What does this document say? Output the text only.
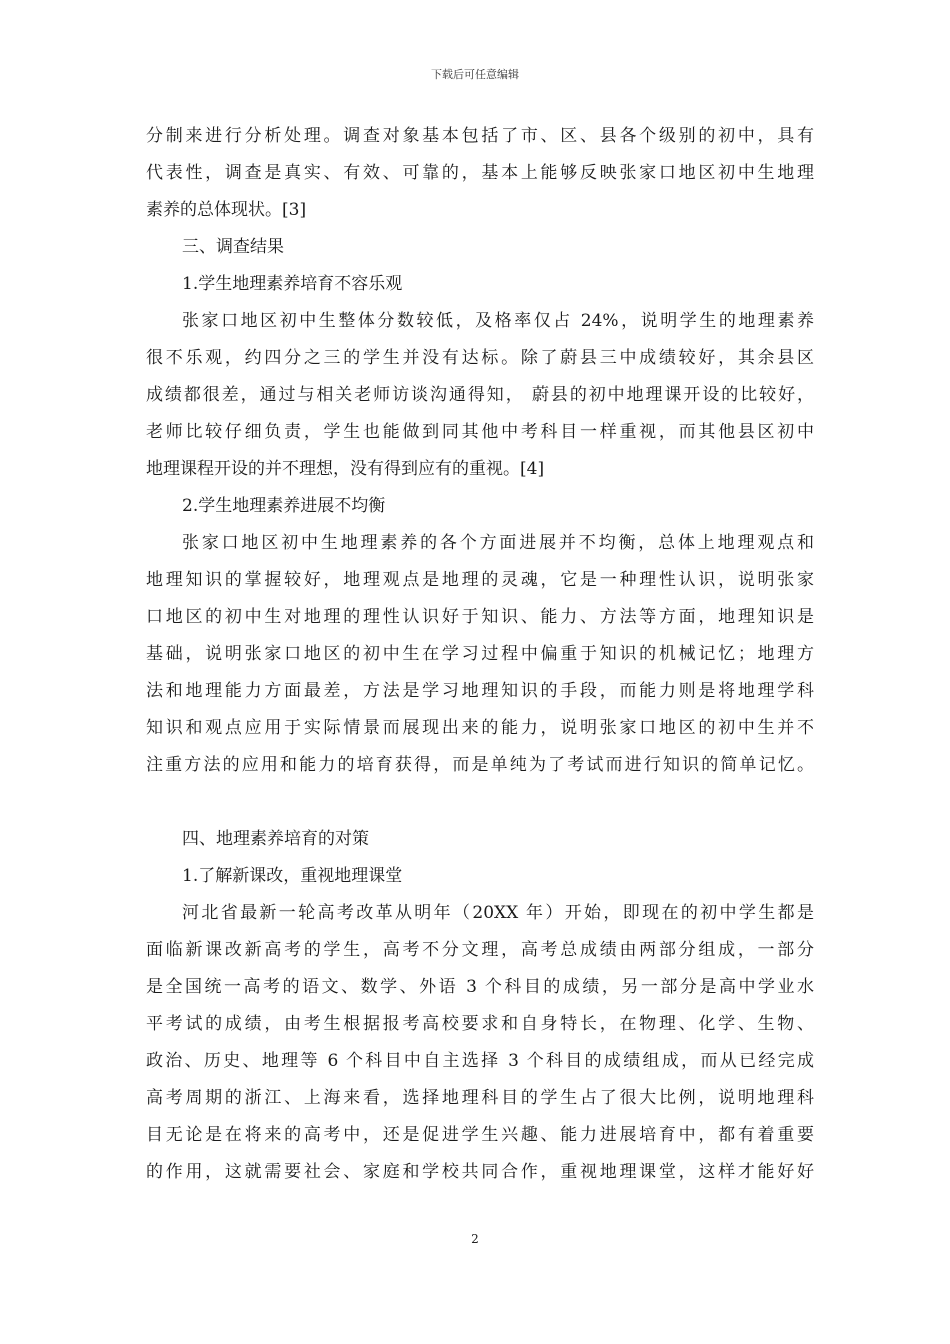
下载后可任意编辑
分制来进行分析处理。调查对象基本包括了市、区、县各个级别的初中，具有
代表性，调查是真实、有效、可靠的，基本上能够反映张家口地区初中生地理
素养的总体现状。[3]
三、调查结果
1.学生地理素养培育不容乐观
张家口地区初中生整体分数较低，及格率仅占 24%，说明学生的地理素养
很不乐观，约四分之三的学生并没有达标。除了蔚县三中成绩较好，其余县区
成绩都很差，通过与相关老师访谈沟通得知， 蔚县的初中地理课开设的比较好，
老师比较仔细负责，学生也能做到同其他中考科目一样重视，而其他县区初中
地理课程开设的并不理想，没有得到应有的重视。[4]
2.学生地理素养进展不均衡
张家口地区初中生地理素养的各个方面进展并不均衡，总体上地理观点和
地理知识的掌握较好，地理观点是地理的灵魂，它是一种理性认识，说明张家
口地区的初中生对地理的理性认识好于知识、能力、方法等方面，地理知识是
基础，说明张家口地区的初中生在学习过程中偏重于知识的机械记忆；地理方
法和地理能力方面最差，方法是学习地理知识的手段，而能力则是将地理学科
知识和观点应用于实际情景而展现出来的能力，说明张家口地区的初中生并不
注重方法的应用和能力的培育获得，而是单纯为了考试而进行知识的简单记忆。
四、地理素养培育的对策
1.了解新课改，重视地理课堂
河北省最新一轮高考改革从明年（20XX 年）开始，即现在的初中学生都是
面临新课改新高考的学生，高考不分文理，高考总成绩由两部分组成，一部分
是全国统一高考的语文、数学、外语 3 个科目的成绩，另一部分是高中学业水
平考试的成绩，由考生根据报考高校要求和自身特长，在物理、化学、生物、
政治、历史、地理等 6 个科目中自主选择 3 个科目的成绩组成，而从已经完成
高考周期的浙江、上海来看，选择地理科目的学生占了很大比例，说明地理科
目无论是在将来的高考中，还是促进学生兴趣、能力进展培育中，都有着重要
的作用，这就需要社会、家庭和学校共同合作，重视地理课堂，这样才能好好
2
